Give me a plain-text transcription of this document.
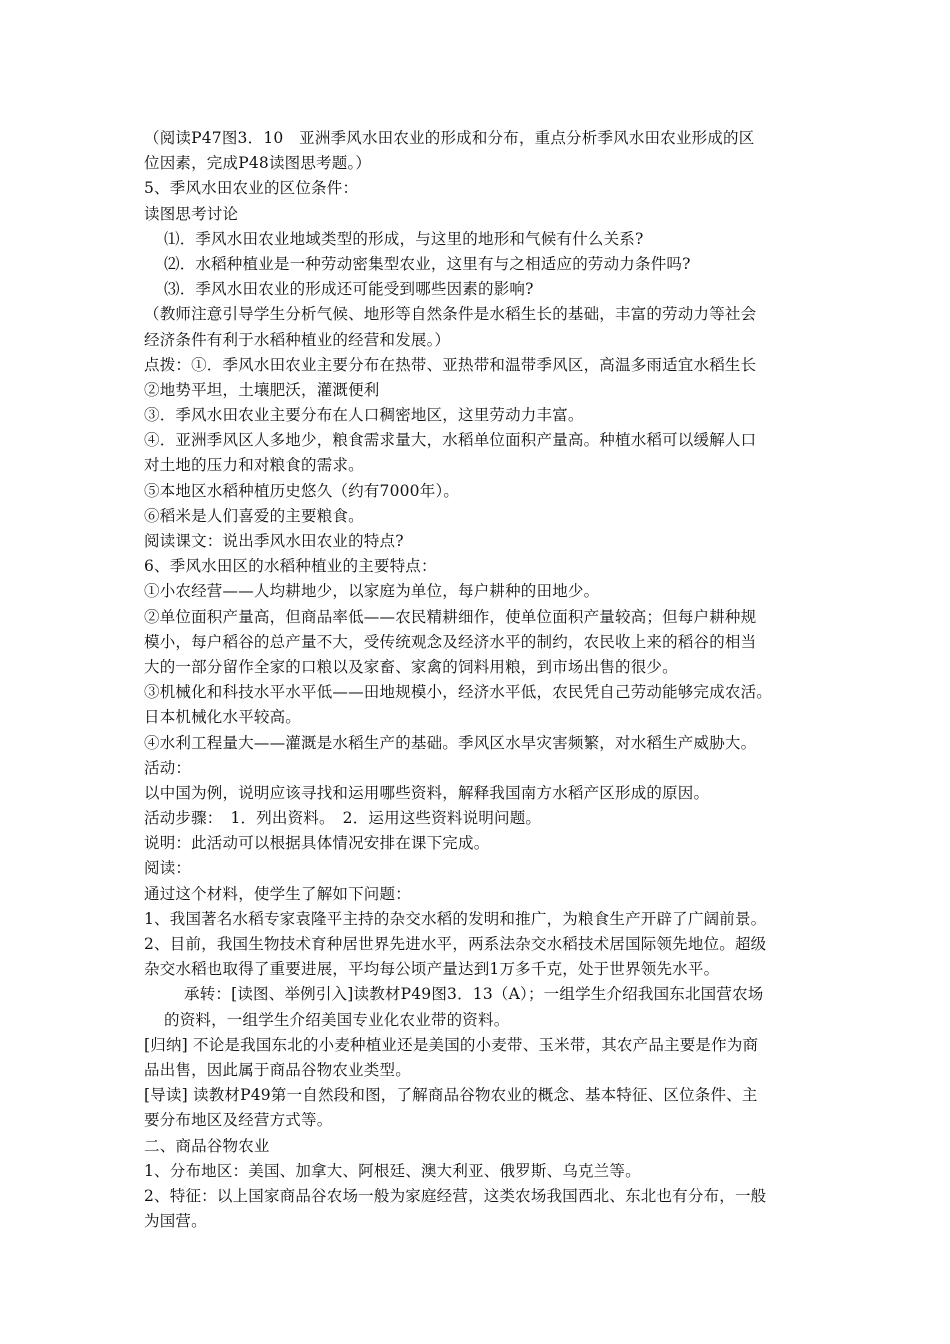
（阅读P47图3．10　亚洲季风水田农业的形成和分布，重点分析季风水田农业形成的区
位因素，完成P48读图思考题。）
5、季风水田农业的区位条件：
读图思考讨论
⑴．季风水田农业地域类型的形成，与这里的地形和气候有什么关系?
⑵．水稻种植业是一种劳动密集型农业，这里有与之相适应的劳动力条件吗?
⑶．季风水田农业的形成还可能受到哪些因素的影响?
（教师注意引导学生分析气候、地形等自然条件是水稻生长的基础，丰富的劳动力等社会
经济条件有利于水稻种植业的经营和发展。）
点拨：①．季风水田农业主要分布在热带、亚热带和温带季风区，高温多雨适宜水稻生长
②地势平坦，土壤肥沃，灌溉便利
③．季风水田农业主要分布在人口稠密地区，这里劳动力丰富。
④．亚洲季风区人多地少，粮食需求量大，水稻单位面积产量高。种植水稻可以缓解人口
对土地的压力和对粮食的需求。
⑤本地区水稻种植历史悠久（约有7000年）。
⑥稻米是人们喜爱的主要粮食。
阅读课文：说出季风水田农业的特点?
6、季风水田区的水稻种植业的主要特点：
①小农经营——人均耕地少，以家庭为单位，每户耕种的田地少。
②单位面积产量高，但商品率低——农民精耕细作，使单位面积产量较高；但每户耕种规
模小，每户稻谷的总产量不大，受传统观念及经济水平的制约，农民收上来的稻谷的相当
大的一部分留作全家的口粮以及家畜、家禽的饲料用粮，到市场出售的很少。
③机械化和科技水平水平低——田地规模小，经济水平低，农民凭自己劳动能够完成农活。
日本机械化水平较高。
④水利工程量大——灌溉是水稻生产的基础。季风区水旱灾害频繁，对水稻生产威胁大。
活动：
以中国为例，说明应该寻找和运用哪些资料，解释我国南方水稻产区形成的原因。
活动步骤：　1．列出资料。　2．运用这些资料说明问题。
说明：此活动可以根据具体情况安排在课下完成。
阅读：
通过这个材料，使学生了解如下问题：
1、我国著名水稻专家袁隆平主持的杂交水稻的发明和推广，为粮食生产开辟了广阔前景。
2、目前，我国生物技术育种居世界先进水平，两系法杂交水稻技术居国际领先地位。超级
杂交水稻也取得了重要进展，平均每公顷产量达到1万多千克，处于世界领先水平。
承转：[读图、举例引入]读教材P49图3．13（A）；一组学生介绍我国东北国营农场
的资料，一组学生介绍美国专业化农业带的资料。
[归纳] 不论是我国东北的小麦种植业还是美国的小麦带、玉米带，其农产品主要是作为商
品出售，因此属于商品谷物农业类型。
[导读] 读教材P49第一自然段和图，了解商品谷物农业的概念、基本特征、区位条件、主
要分布地区及经营方式等。
二、商品谷物农业
1、分布地区：美国、加拿大、阿根廷、澳大利亚、俄罗斯、乌克兰等。
2、特征：以上国家商品谷农场一般为家庭经营，这类农场我国西北、东北也有分布，一般
为国营。
